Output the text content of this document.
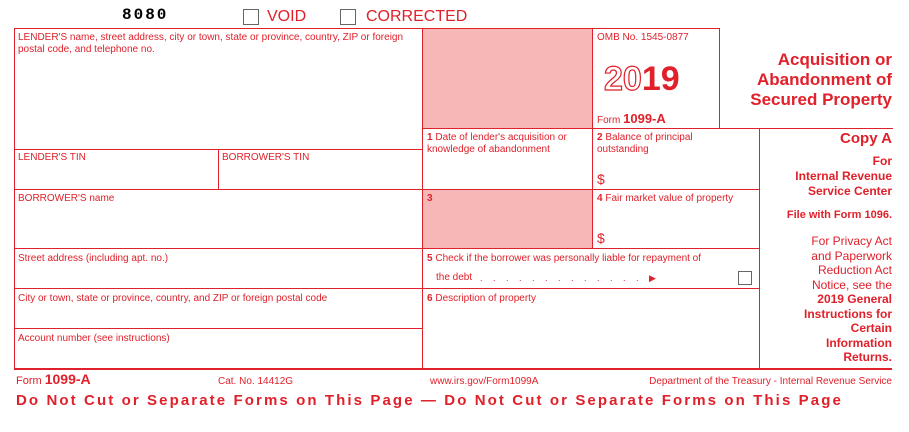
8080	VOID	CORRECTED
LENDER'S name, street address, city or town, state or province, country, ZIP or foreign postal code, and telephone no.
LENDER'S TIN	BORROWER'S TIN
BORROWER'S name
Street address (including apt. no.)
City or town, state or province, country, and ZIP or foreign postal code
Account number (see instructions)
OMB No. 1545-0877
2019
Form 1099-A
1 Date of lender's acquisition or knowledge of abandonment
2 Balance of principal outstanding
$
3	4 Fair market value of property
$
5 Check if the borrower was personally liable for repayment of
the debt . . . . . . . . . . . . . ▶
6 Description of property
Acquisition or
Abandonment of
Secured Property
Copy A
For
Internal Revenue
Service Center
File with Form 1096.
For Privacy Act
and Paperwork
Reduction Act
Notice, see the
2019 General
Instructions for
Certain
Information
Returns.
Form 1099-A	Cat. No. 14412G	www.irs.gov/Form1099A	Department of the Treasury - Internal Revenue Service
Do Not Cut or Separate Forms on This Page — Do Not Cut or Separate Forms on This Page
